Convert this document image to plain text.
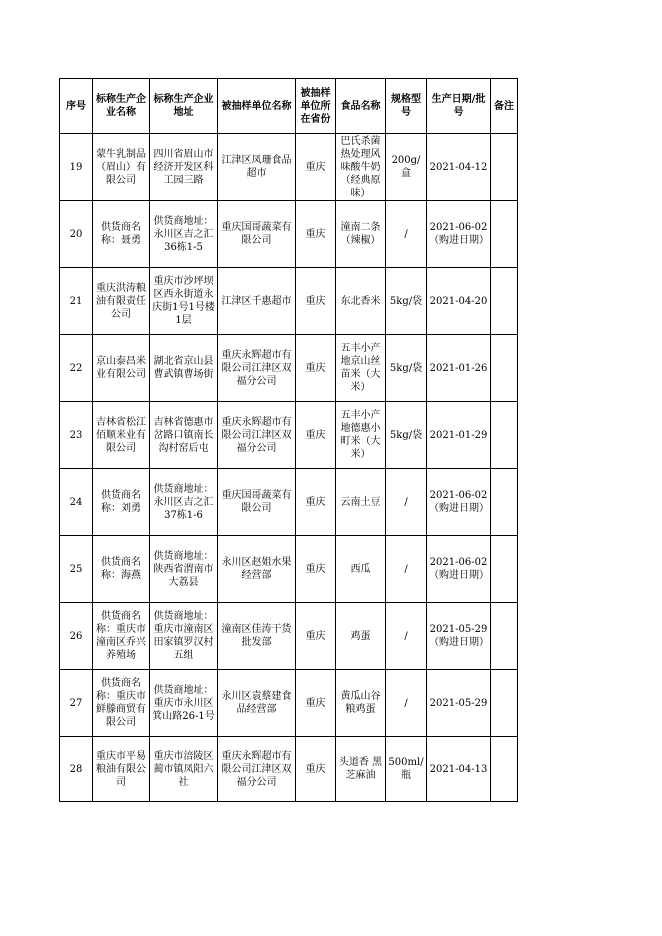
序号	标称生产企业名称	标称生产企业地址	被抽样单位名称	被抽样单位所在省份	食品名称	规格型号	生产日期/批号	备注
19	蒙牛乳制品（眉山）有限公司	四川省眉山市经济开发区科工园三路	江津区凤珊食品超市	重庆	巴氏杀菌热处理风味酸牛奶（经典原味）	200g/盒	2021-04-12	
20	供货商名称：聂勇	供货商地址：永川区吉之汇36栋1-5	重庆国哥蔬菜有限公司	重庆	潼南二条（辣椒）	/	2021-06-02（购进日期）	
21	重庆洪涛粮油有限责任公司	重庆市沙坪坝区西永街道永庆街1号1号楼1层	江津区千惠超市	重庆	东北香米	5kg/袋	2021-04-20	
22	京山泰昌米业有限公司	湖北省京山县曹武镇曹场街	重庆永辉超市有限公司江津区双福分公司	重庆	五丰小产地京山丝苗米（大米）	5kg/袋	2021-01-26	
23	吉林省松江佰顺米业有限公司	吉林省德惠市岔路口镇南长沟村窑后屯	重庆永辉超市有限公司江津区双福分公司	重庆	五丰小产地德惠小町米（大米）	5kg/袋	2021-01-29	
24	供货商名称：刘勇	供货商地址：永川区吉之汇37栋1-6	重庆国哥蔬菜有限公司	重庆	云南土豆	/	2021-06-02（购进日期）	
25	供货商名称：海燕	供货商地址：陕西省渭南市大荔县	永川区赵姐水果经营部	重庆	西瓜	/	2021-06-02（购进日期）	
26	供货商名称：重庆市潼南区乔兴养殖场	供货商地址：重庆市潼南区田家镇罗汉村五组	潼南区佳涛干货批发部	重庆	鸡蛋	/	2021-05-29（购进日期）	
27	供货商名称：重庆市鲜滕商贸有限公司	供货商地址：重庆市永川区箕山路26-1号	永川区袁蔡建食品经营部	重庆	黄瓜山谷粮鸡蛋	/	2021-05-29	
28	重庆市平易粮油有限公司	重庆市涪陵区蔺市镇凤阳六社	重庆永辉超市有限公司江津区双福分公司	重庆	头道香 黑芝麻油	500ml/瓶	2021-04-13	
